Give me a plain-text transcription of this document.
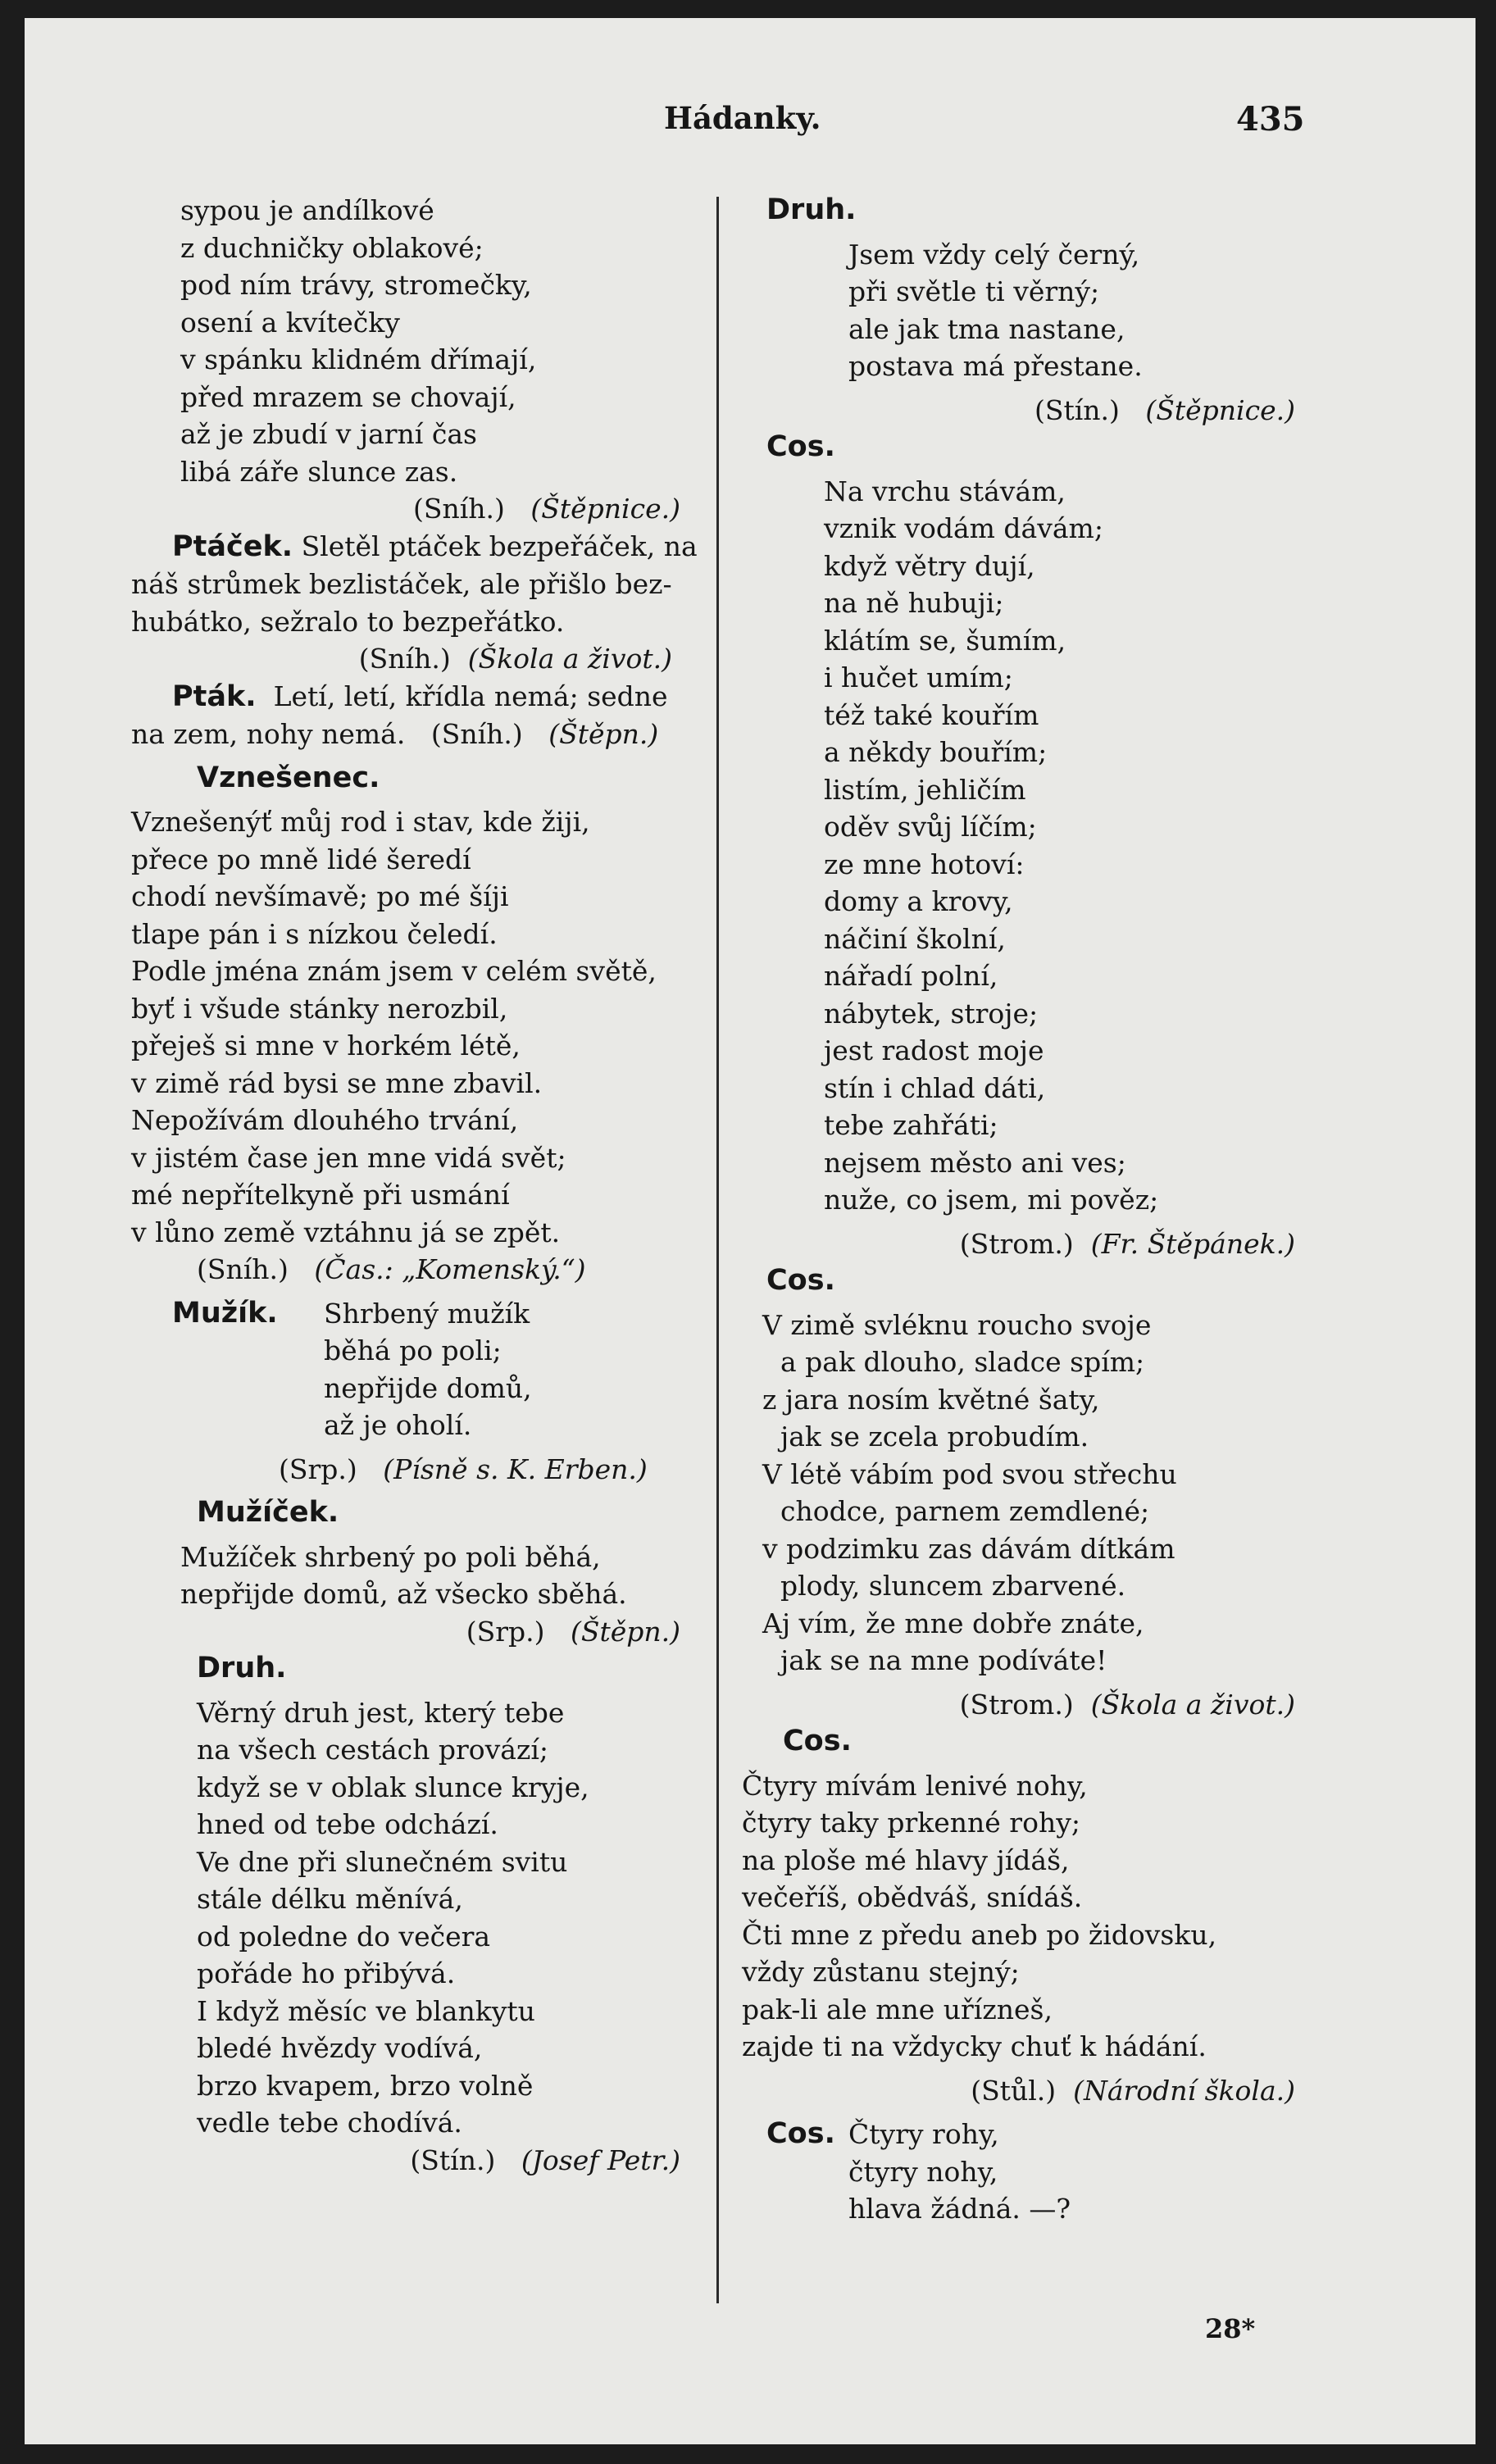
Hádanky.	435
sypou je andílkové
z duchničky oblakové;
pod ním trávy, stromečky,
osení a kvítečky
v spánku klidném dřímají,
před mrazem se chovají,
až je zbudí v jarní čas
libá záře slunce zas.
(Sníh.) (Štěpnice.)
Ptáček. Sletěl ptáček bezpeřáček, na
náš strůmek bezlistáček, ale přišlo bez-
hubátko, sežralo to bezpeřátko.
(Sníh.) (Škola a život.)
Pták. Letí, letí, křídla nemá; sedne
na zem, nohy nemá. (Sníh.) (Štěpn.)
Vznešenec.
Vznešenýť můj rod i stav, kde žiji,
přece po mně lidé šeredí
chodí nevšímavě; po mé šíji
tlape pán i s nízkou čeledí.
Podle jména znám jsem v celém světě,
byť i všude stánky nerozbil,
přeješ si mne v horkém létě,
v zimě rád bysi se mne zbavil.
Nepožívám dlouhého trvání,
v jistém čase jen mne vidá svět;
mé nepřítelkyně při usmání
v lůno země vztáhnu já se zpět.
(Sníh.) (Čas.: „Komenský.“)
Mužík. Shrbený mužík
běhá po poli;
nepřijde domů,
až je oholí.
(Srp.) (Písně s. K. Erben.)
Mužíček.
Mužíček shrbený po poli běhá,
nepřijde domů, až všecko sběhá.
(Srp.) (Štěpn.)
Druh.
Věrný druh jest, který tebe
na všech cestách provází;
když se v oblak slunce kryje,
hned od tebe odchází.
Ve dne při slunečném svitu
stále délku měnívá,
od poledne do večera
pořáde ho přibývá.
I když měsíc ve blankytu
bledé hvězdy vodívá,
brzo kvapem, brzo volně
vedle tebe chodívá.
(Stín.) (Josef Petr.)
Druh.
Jsem vždy celý černý,
při světle ti věrný;
ale jak tma nastane,
postava má přestane.
(Stín.) (Štěpnice.)
Cos.
Na vrchu stávám,
vznik vodám dávám;
když větry dují,
na ně hubuji;
klátím se, šumím,
i hučet umím;
též také kouřím
a někdy bouřím;
listím, jehličím
oděv svůj líčím;
ze mne hotoví:
domy a krovy,
náčiní školní,
nářadí polní,
nábytek, stroje;
jest radost moje
stín i chlad dáti,
tebe zahřáti;
nejsem město ani ves;
nuže, co jsem, mi pověz;
(Strom.) (Fr. Štěpánek.)
Cos.
V zimě svléknu roucho svoje
a pak dlouho, sladce spím;
z jara nosím květné šaty,
jak se zcela probudím.
V létě vábím pod svou střechu
chodce, parnem zemdlené;
v podzimku zas dávám dítkám
plody, sluncem zbarvené.
Aj vím, že mne dobře znáte,
jak se na mne podíváte!
(Strom.) (Škola a život.)
Cos.
Čtyry mívám lenivé nohy,
čtyry taky prkenné rohy;
na ploše mé hlavy jídáš,
večeříš, obědváš, snídáš.
Čti mne z předu aneb po židovsku,
vždy zůstanu stejný;
pak-li ale mne uřízneš,
zajde ti na vždycky chuť k hádání.
(Stůl.) (Národní škola.)
Cos. Čtyry rohy,
čtyry nohy,
hlava žádná. —?
28*
